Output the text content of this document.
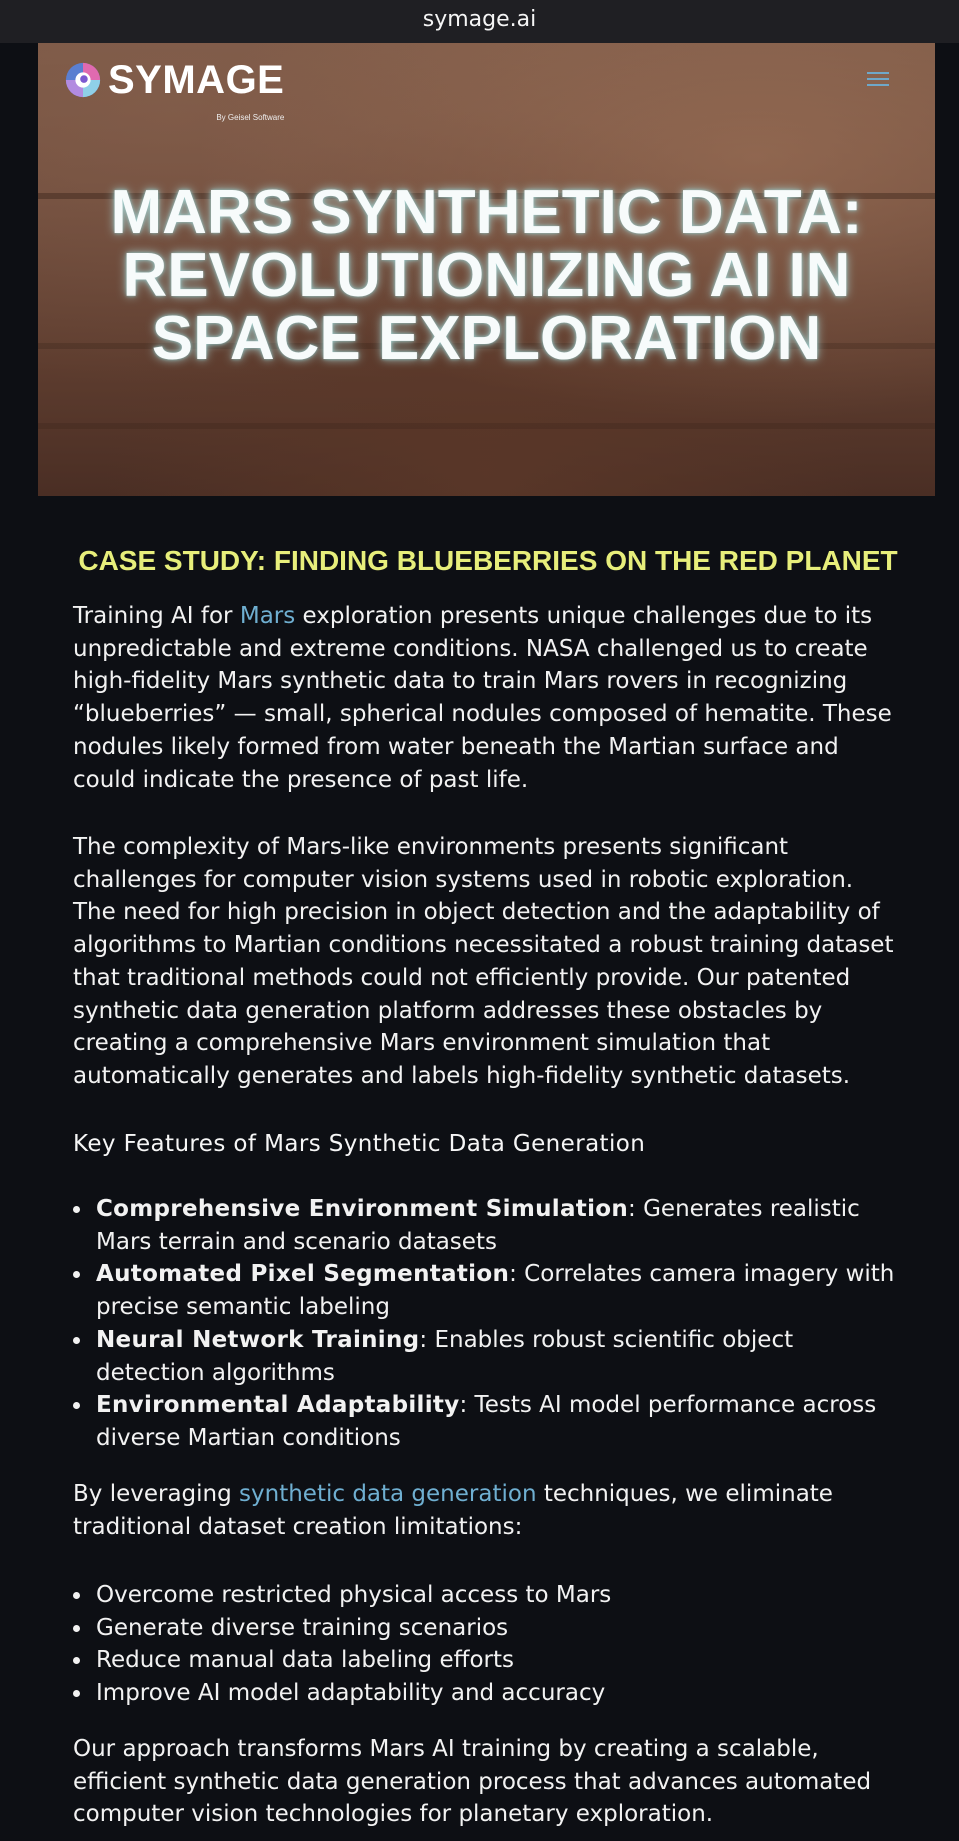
symage.ai
SYMAGE
By Geisel Software
MARS SYNTHETIC DATA:
REVOLUTIONIZING AI IN
SPACE EXPLORATION
CASE STUDY: FINDING BLUEBERRIES ON THE RED PLANET

Training AI for Mars exploration presents unique challenges due to its unpredictable and extreme conditions. NASA challenged us to create high-fidelity Mars synthetic data to train Mars rovers in recognizing “blueberries” — small, spherical nodules composed of hematite. These nodules likely formed from water beneath the Martian surface and could indicate the presence of past life.

The complexity of Mars-like environments presents significant challenges for computer vision systems used in robotic exploration. The need for high precision in object detection and the adaptability of algorithms to Martian conditions necessitated a robust training dataset that traditional methods could not efficiently provide. Our patented synthetic data generation platform addresses these obstacles by creating a comprehensive Mars environment simulation that automatically generates and labels high-fidelity synthetic datasets.

Key Features of Mars Synthetic Data Generation
Comprehensive Environment Simulation: Generates realistic Mars terrain and scenario datasets
Automated Pixel Segmentation: Correlates camera imagery with precise semantic labeling
Neural Network Training: Enables robust scientific object detection algorithms
Environmental Adaptability: Tests AI model performance across diverse Martian conditions

By leveraging synthetic data generation techniques, we eliminate traditional dataset creation limitations:

Overcome restricted physical access to Mars
Generate diverse training scenarios
Reduce manual data labeling efforts
Improve AI model adaptability and accuracy

Our approach transforms Mars AI training by creating a scalable, efficient synthetic data generation process that advances automated computer vision technologies for planetary exploration.
